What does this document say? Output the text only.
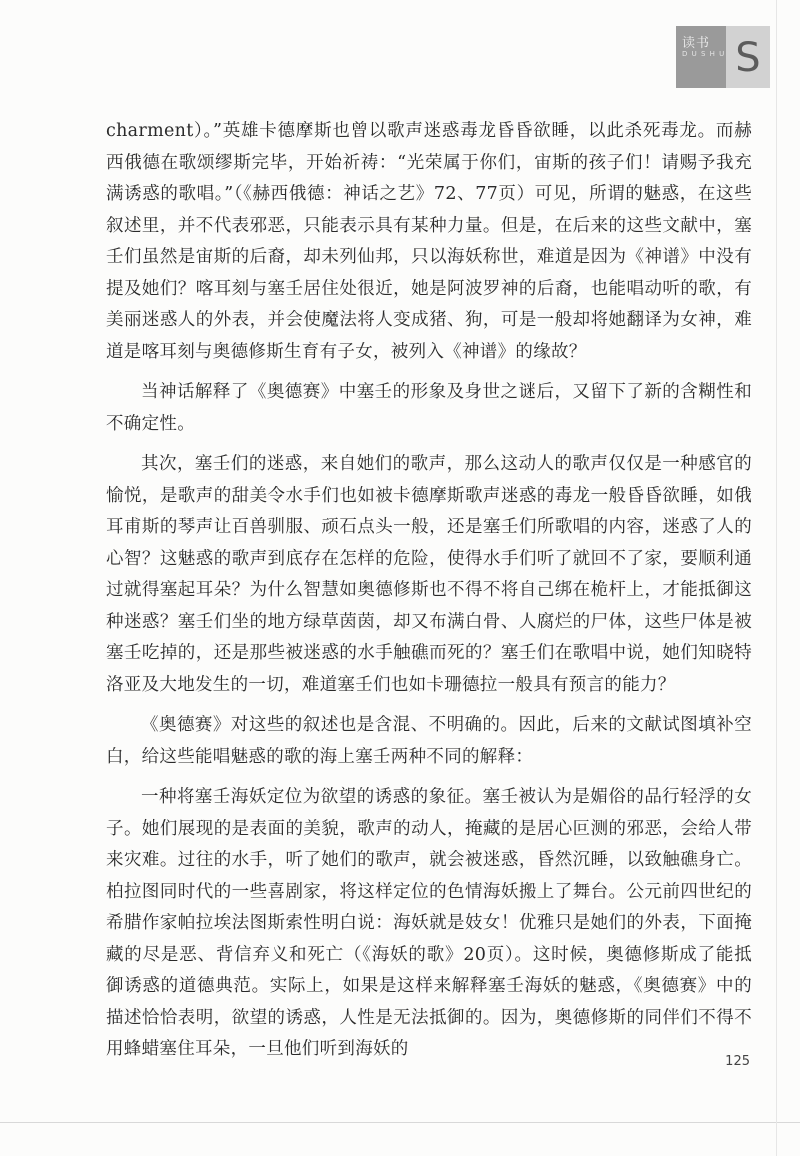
读书
D U S H U S

charment）。”英雄卡德摩斯也曾以歌声迷惑毒龙昏昏欲睡，以此杀死毒龙。而赫西俄德在歌颂缪斯完毕，开始祈祷：“光荣属于你们，宙斯的孩子们！请赐予我充满诱惑的歌唱。”（《赫西俄德：神话之艺》72、77页）可见，所谓的魅惑，在这些叙述里，并不代表邪恶，只能表示具有某种力量。但是，在后来的这些文献中，塞壬们虽然是宙斯的后裔，却未列仙邦，只以海妖称世，难道是因为《神谱》中没有提及她们？喀耳刻与塞壬居住处很近，她是阿波罗神的后裔，也能唱动听的歌，有美丽迷惑人的外表，并会使魔法将人变成猪、狗，可是一般却将她翻译为女神，难道是喀耳刻与奥德修斯生育有子女，被列入《神谱》的缘故？

当神话解释了《奥德赛》中塞壬的形象及身世之谜后，又留下了新的含糊性和不确定性。

其次，塞壬们的迷惑，来自她们的歌声，那么这动人的歌声仅仅是一种感官的愉悦，是歌声的甜美令水手们也如被卡德摩斯歌声迷惑的毒龙一般昏昏欲睡，如俄耳甫斯的琴声让百兽驯服、顽石点头一般，还是塞壬们所歌唱的内容，迷惑了人的心智？这魅惑的歌声到底存在怎样的危险，使得水手们听了就回不了家，要顺利通过就得塞起耳朵？为什么智慧如奥德修斯也不得不将自己绑在桅杆上，才能抵御这种迷惑？塞壬们坐的地方绿草茵茵，却又布满白骨、人腐烂的尸体，这些尸体是被塞壬吃掉的，还是那些被迷惑的水手触礁而死的？塞壬们在歌唱中说，她们知晓特洛亚及大地发生的一切，难道塞壬们也如卡珊德拉一般具有预言的能力？

《奥德赛》对这些的叙述也是含混、不明确的。因此，后来的文献试图填补空白，给这些能唱魅惑的歌的海上塞壬两种不同的解释：

一种将塞壬海妖定位为欲望的诱惑的象征。塞壬被认为是媚俗的品行轻浮的女子。她们展现的是表面的美貌，歌声的动人，掩藏的是居心叵测的邪恶，会给人带来灾难。过往的水手，听了她们的歌声，就会被迷惑，昏然沉睡，以致触礁身亡。柏拉图同时代的一些喜剧家，将这样定位的色情海妖搬上了舞台。公元前四世纪的希腊作家帕拉埃法图斯索性明白说：海妖就是妓女！优雅只是她们的外表，下面掩藏的尽是恶、背信弃义和死亡（《海妖的歌》20页）。这时候，奥德修斯成了能抵御诱惑的道德典范。实际上，如果是这样来解释塞壬海妖的魅惑，《奥德赛》中的描述恰恰表明，欲望的诱惑，人性是无法抵御的。因为，奥德修斯的同伴们不得不用蜂蜡塞住耳朵，一旦他们听到海妖的

125
